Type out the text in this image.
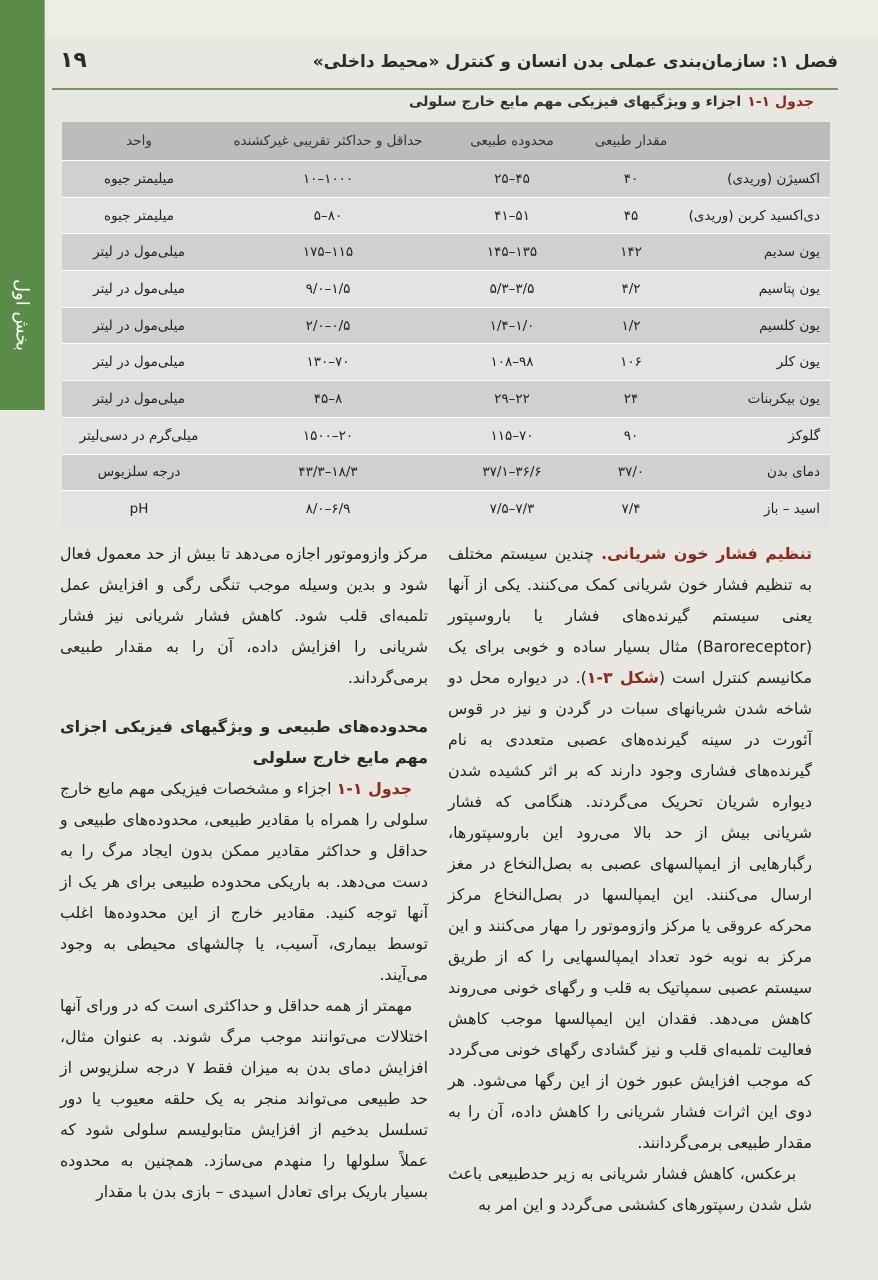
بخش اول
فصل ۱: سازمان‌بندی عملی بدن انسان و کنترل «محیط داخلی»
۱۹
جدول ۱-۱اجزاء و ویژگیهای فیزیکی مهم مایع خارج سلولی
	مقدار طبیعی	محدوده طبیعی	حداقل و حداکثر تقریبی غیرکشنده	واحد
اکسیژن (وریدی)	۴۰	۴۵–۲۵	۱۰۰۰–۱۰	میلیمتر جیوه
دی‌اکسید کربن (وریدی)	۴۵	۵۱–۴۱	۸۰–۵	میلیمتر جیوه
یون سدیم	۱۴۲	۱۳۵–۱۴۵	۱۱۵–۱۷۵	میلی‌مول در لیتر
یون پتاسیم	۴/۲	۳/۵–۵/۳	۱/۵–۹/۰	میلی‌مول در لیتر
یون کلسیم	۱/۲	۱/۰–۱/۴	۰/۵–۲/۰	میلی‌مول در لیتر
یون کلر	۱۰۶	۹۸–۱۰۸	۷۰–۱۳۰	میلی‌مول در لیتر
یون بیکربنات	۲۴	۲۲–۲۹	۸–۴۵	میلی‌مول در لیتر
گلوکز	۹۰	۷۰–۱۱۵	۲۰–۱۵۰۰	میلی‌گرم در دسی‌لیتر
دمای بدن	۳۷/۰	۳۶/۶–۳۷/۱	۱۸/۳–۴۳/۳	درجه سلزیوس
اسید – باز	۷/۴	۷/۳–۷/۵	۶/۹–۸/۰	pH

تنظیم فشار خون شریانی. چندین سیستم مختلف به تنظیم فشار خون شریانی کمک می‌کنند. یکی از آنها یعنی سیستم گیرنده‌های فشار یا باروسپتور (Baroreceptor) مثال بسیار ساده و خوبی برای یک مکانیسم کنترل است (شکل ۳-۱). در دیواره محل دو شاخه شدن شریانهای سبات در گردن و نیز در قوس آئورت در سینه گیرنده‌های عصبی متعددی به نام گیرنده‌های فشاری وجود دارند که بر اثر کشیده شدن دیواره شریان تحریک می‌گردند. هنگامی که فشار شریانی بیش از حد بالا می‌رود این باروسپتورها، رگبارهایی از ایمپالسهای عصبی به بصل‌النخاع در مغز ارسال می‌کنند. این ایمپالسها در بصل‌النخاع مرکز محرکه عروقی یا مرکز وازوموتور را مهار می‌کنند و این مرکز به نوبه خود تعداد ایمپالسهایی را که از طریق سیستم عصبی سمپاتیک به قلب و رگهای خونی می‌روند کاهش می‌دهد. فقدان این ایمپالسها موجب کاهش فعالیت تلمبه‌ای قلب و نیز گشادی رگهای خونی می‌گردد که موجب افزایش عبور خون از این رگها می‌شود. هر دوی این اثرات فشار شریانی را کاهش داده، آن را به مقدار طبیعی برمی‌گردانند.

 برعکس، کاهش فشار شریانی به زیر حدطبیعی باعث شل شدن رسپتورهای کششی می‌گردد و این امر به

مرکز وازوموتور اجازه می‌دهد تا بیش از حد معمول فعال شود و بدین وسیله موجب تنگی رگی و افزایش عمل تلمبه‌ای قلب شود. کاهش فشار شریانی نیز فشار شریانی را افزایش داده، آن را به مقدار طبیعی برمی‌گرداند.

محدوده‌های طبیعی و ویژگیهای فیزیکی اجزای مهم مایع خارج سلولی

 جدول ۱-۱ اجزاء و مشخصات فیزیکی مهم مایع خارج سلولی را همراه با مقادیر طبیعی، محدوده‌های طبیعی و حداقل و حداکثر مقادیر ممکن بدون ایجاد مرگ را به دست می‌دهد. به باریکی محدوده طبیعی برای هر یک از آنها توجه کنید. مقادیر خارج از این محدوده‌ها اغلب توسط بیماری، آسیب، یا چالشهای محیطی به وجود می‌آیند.

 مهمتر از همه حداقل و حداکثری است که در ورای آنها اختلالات می‌توانند موجب مرگ شوند. به عنوان مثال، افزایش دمای بدن به میزان فقط ۷ درجه سلزیوس از حد طبیعی می‌تواند منجر به یک حلقه معیوب یا دور تسلسل بدخیم از افزایش متابولیسم سلولی شود که عملاً سلولها را منهدم می‌سازد. همچنین به محدوده بسیار باریک برای تعادل اسیدی – بازی بدن با مقدار
